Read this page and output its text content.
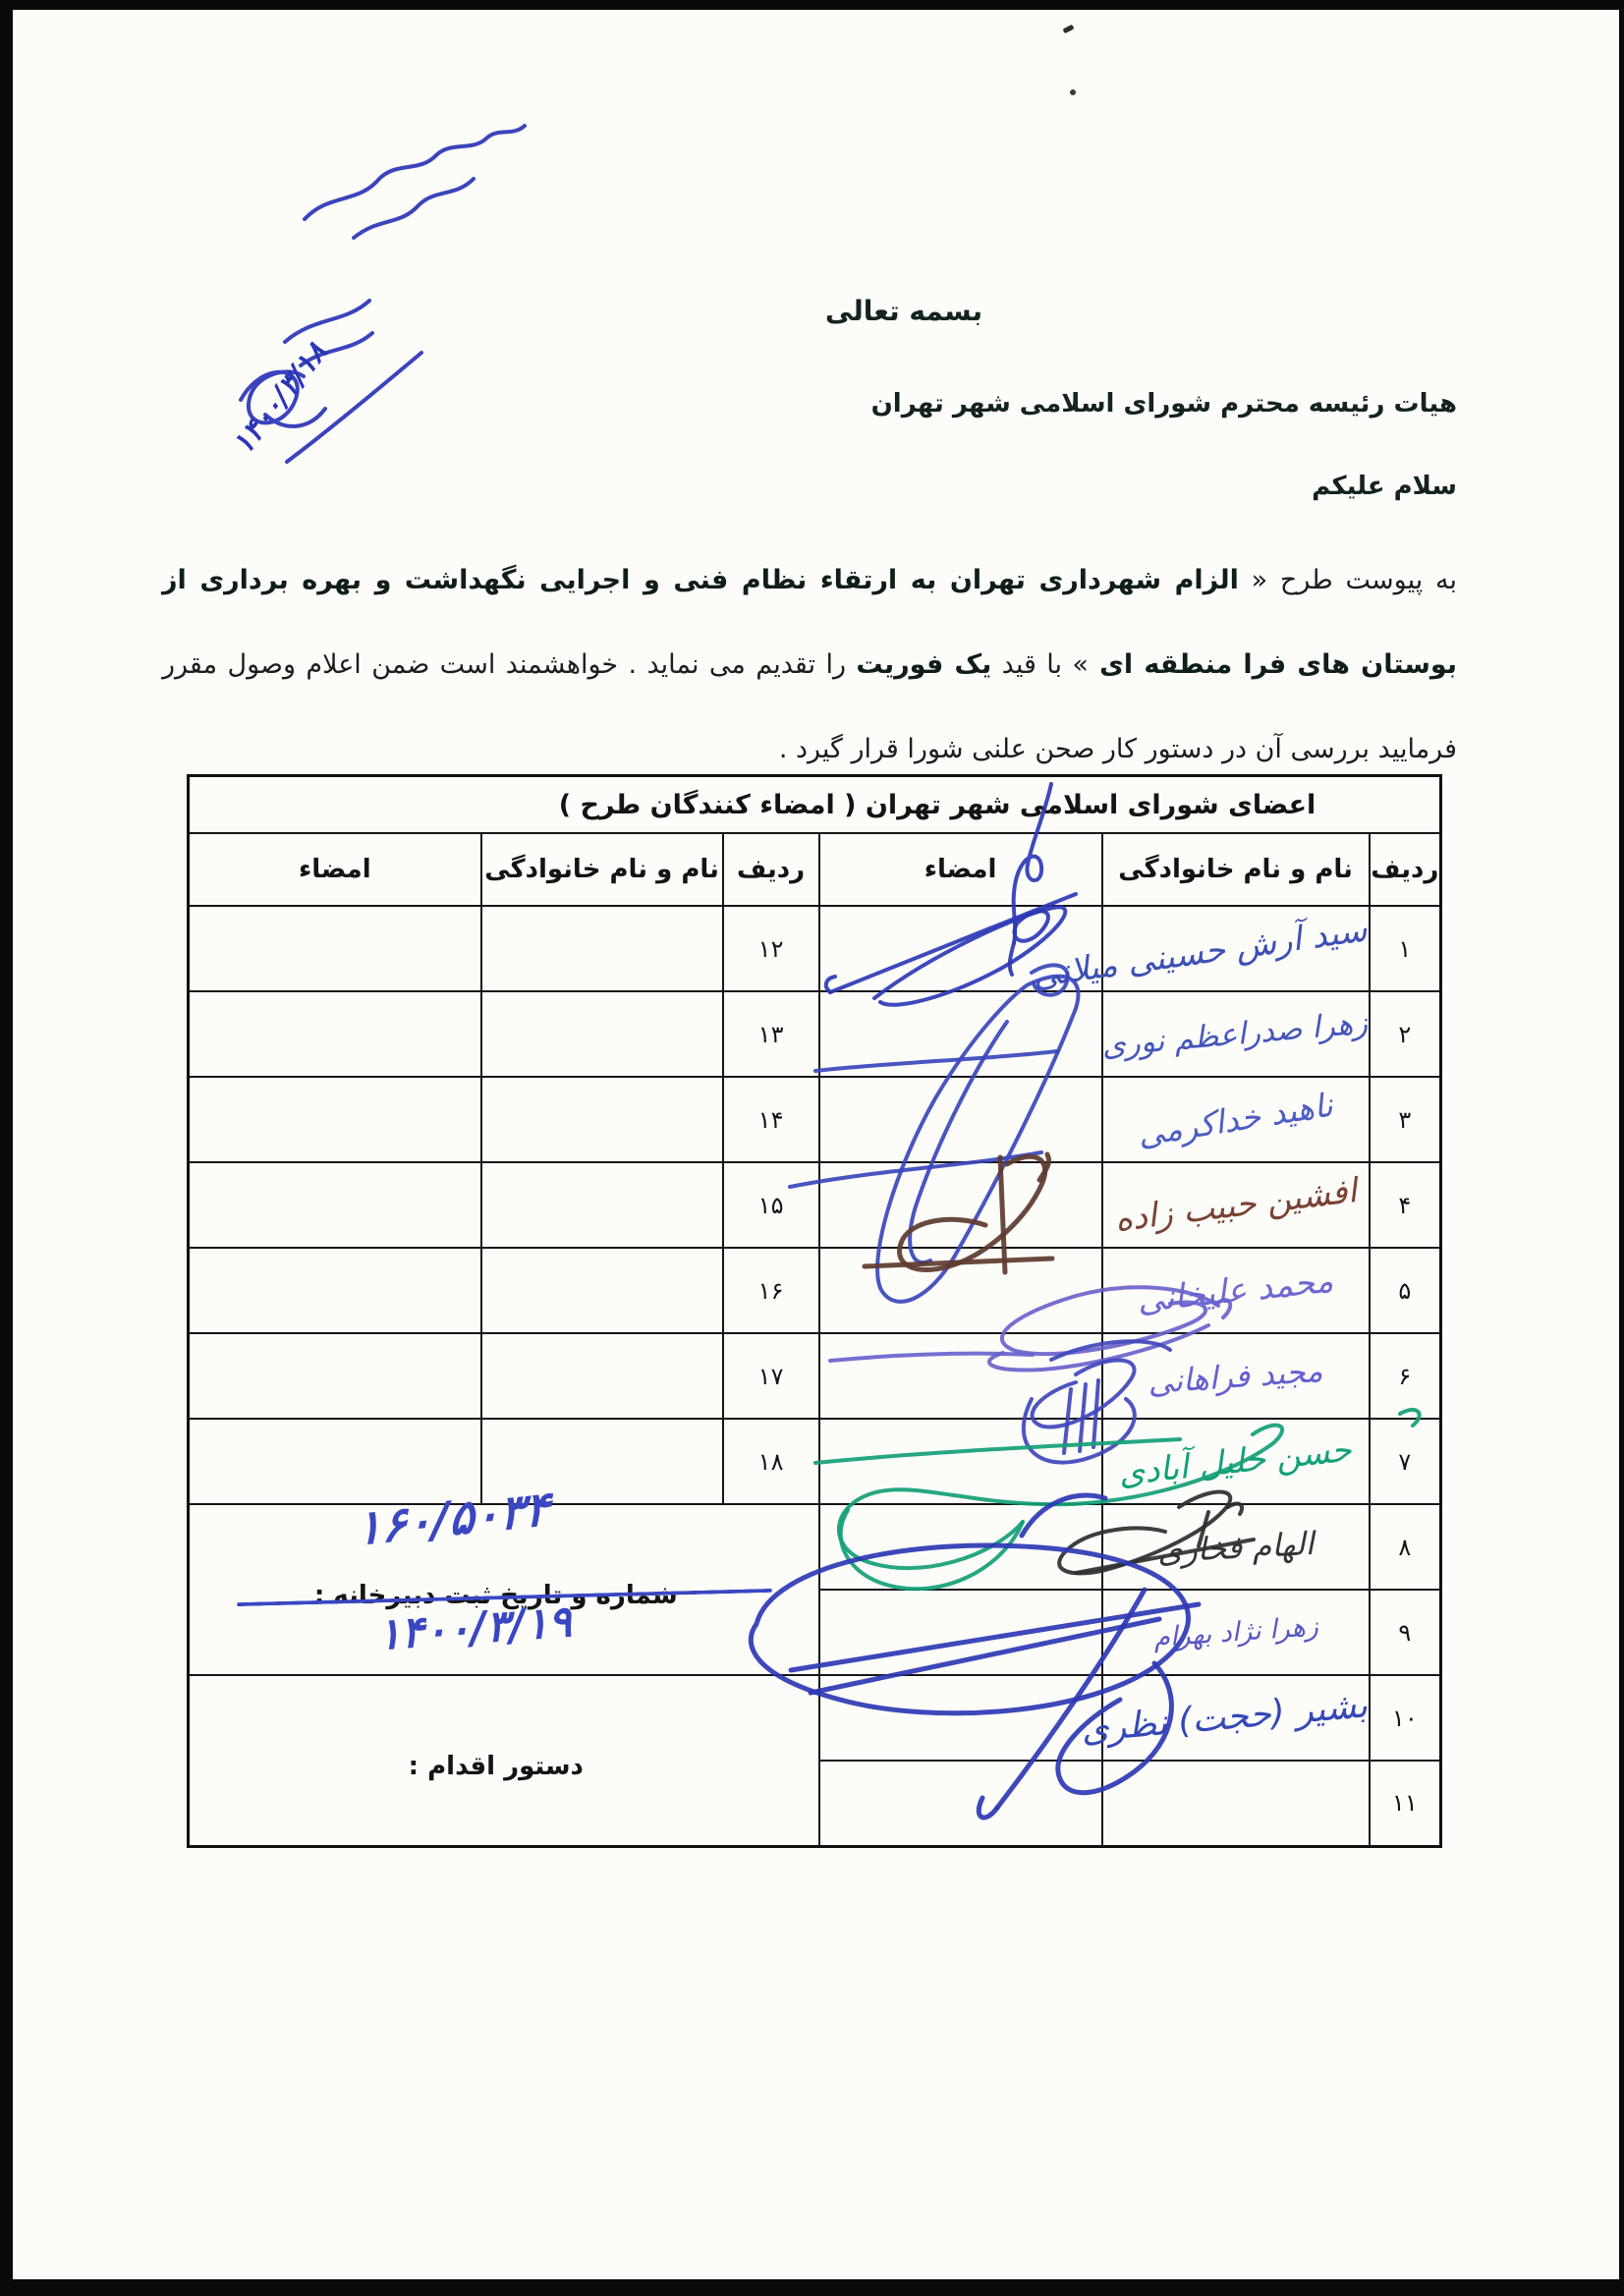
۱۴۰۰/۳/۱۸
بسمه تعالی
هیات رئیسه محترم شورای اسلامی شهر تهران
سلام علیکم
به پیوست طرح « الزام شهرداری تهران به ارتقاء نظام فنی و اجرایی نگهداشت و بهره برداری از بوستان های فرا منطقه ای » با قید یک فوریت را تقدیم می نماید . خواهشمند است ضمن اعلام وصول مقرر فرمایید بررسی آن در دستور کار صحن علنی شورا قرار گیرد .
اعضای شورای اسلامی شهر تهران ( امضاء کنندگان طرح )					
ردیف	نام و نام خانوادگی	امضاء	ردیف	نام و نام خانوادگی	امضاء
۱	سید آرش حسینی میلانی		۱۲		
۲	زهرا صدراعظم نوری		۱۳		
۳	ناهید خداکرمی		۱۴		
۴	افشین حبیب زاده		۱۵		
۵	محمد علیخانی		۱۶		
۶	مجید فراهانی		۱۷		
۷	حسن خلیل آبادی		۱۸		
۸	الهام فخاری		شماره و تاریخ ثبت دبیرخانه :
۱۶۰/۵۰۳۴
۱۴۰۰/۳/۱۹		

۹	زهرا نژاد بهرام				
۱۰	بشیر (حجت) نظری		دستور اقدام :		

۱۱					
